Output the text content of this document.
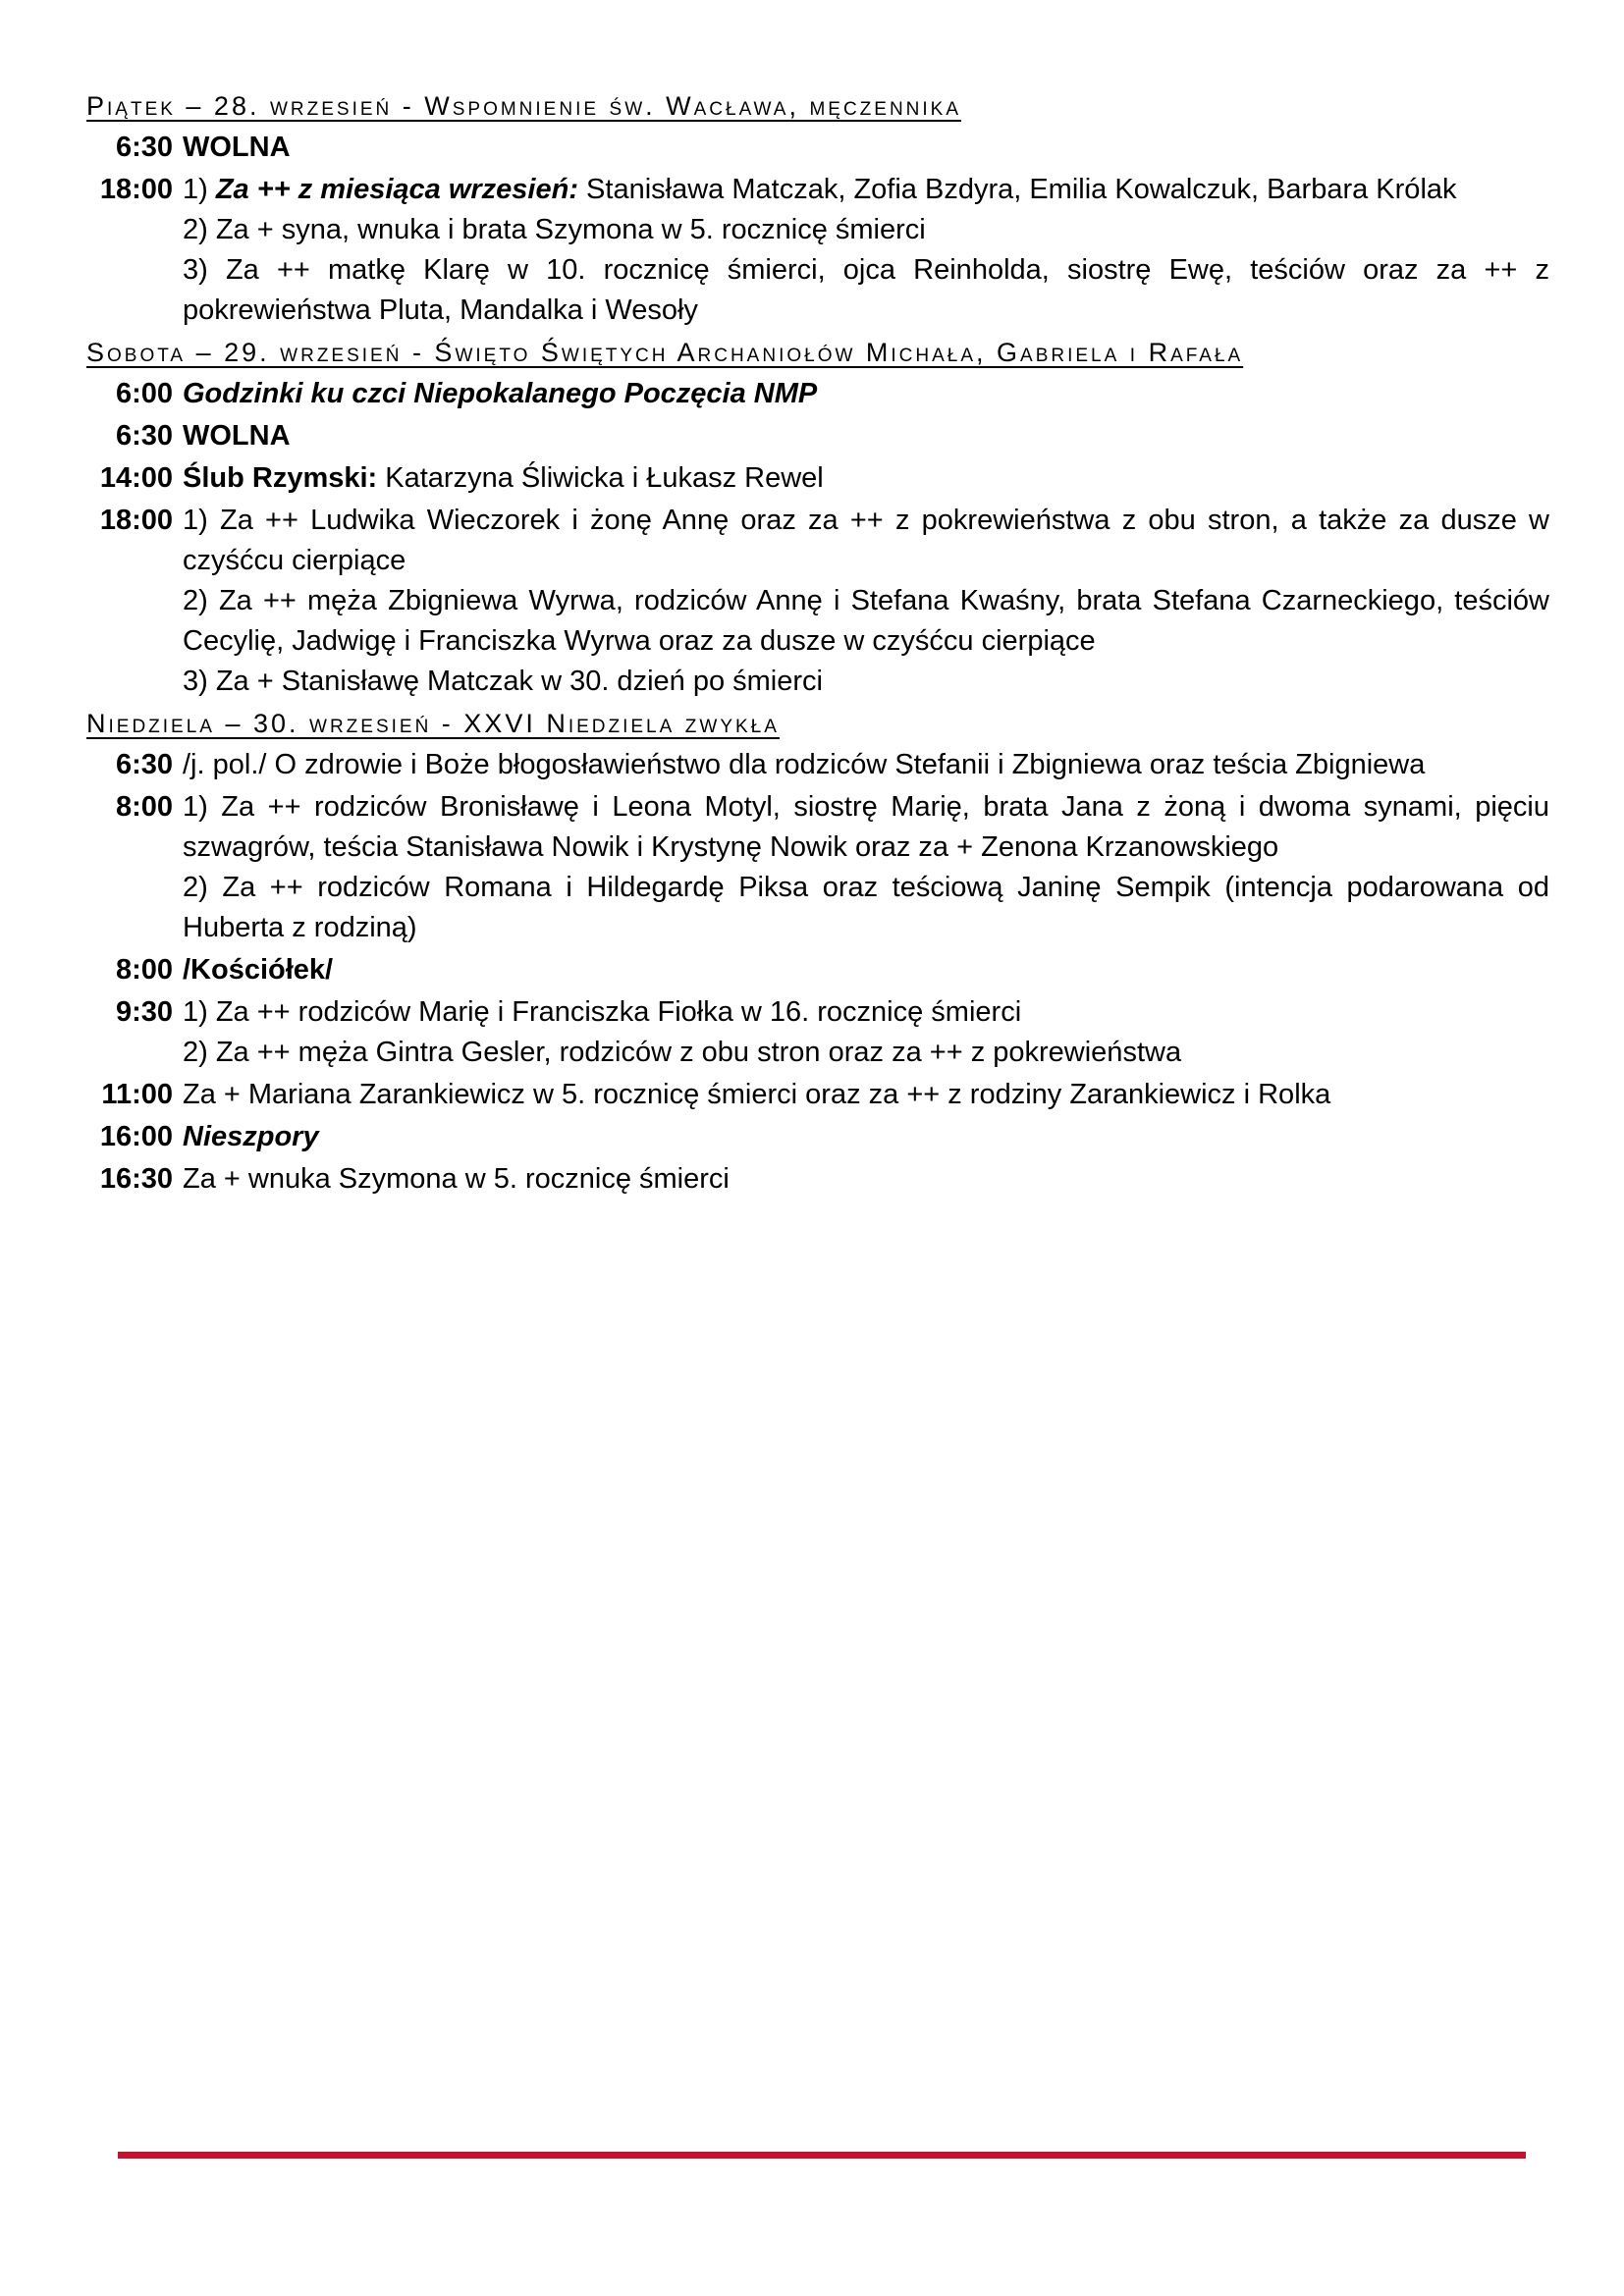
Piątek – 28. wrzesień - Wspomnienie św. Wacława, męczennika
6:30 WOLNA
18:00 1) Za ++ z miesiąca wrzesień: Stanisława Matczak, Zofia Bzdyra, Emilia Kowalczuk, Barbara Królak
2) Za + syna, wnuka i brata Szymona w 5. rocznicę śmierci
3) Za ++ matkę Klarę w 10. rocznicę śmierci, ojca Reinholda, siostrę Ewę, teściów oraz za ++ z pokrewieństwa Pluta, Mandalka i Wesoły
Sobota – 29. wrzesień - Święto Świętych Archaniołów Michała, Gabriela i Rafała
6:00 Godzinki ku czci Niepokalanego Poczęcia NMP
6:30 WOLNA
14:00 Ślub Rzymski: Katarzyna Śliwicka i Łukasz Rewel
18:00 1) Za ++ Ludwika Wieczorek i żonę Annę oraz za ++ z pokrewieństwa z obu stron, a także za dusze w czyśćcu cierpiące
2) Za ++ męża Zbigniewa Wyrwa, rodziców Annę i Stefana Kwaśny, brata Stefana Czarneckiego, teściów Cecylię, Jadwigę i Franciszka Wyrwa oraz za dusze w czyśćcu cierpiące
3) Za + Stanisławę Matczak w 30. dzień po śmierci
Niedziela – 30. wrzesień - XXVI Niedziela zwykła
6:30 /j. pol./ O zdrowie i Boże błogosławieństwo dla rodziców Stefanii i Zbigniewa oraz teścia Zbigniewa
8:00 1) Za ++ rodziców Bronisławę i Leona Motyl, siostrę Marię, brata Jana z żoną i dwoma synami, pięciu szwagrów, teścia Stanisława Nowik i Krystynę Nowik oraz za + Zenona Krzanowskiego
2) Za ++ rodziców Romana i Hildegardę Piksa oraz teściową Janinę Sempik (intencja podarowana od Huberta z rodziną)
8:00 /Kościółek/
9:30 1) Za ++ rodziców Marię i Franciszka Fiołka w 16. rocznicę śmierci
2) Za ++ męża Gintra Gesler, rodziców z obu stron oraz za ++ z pokrewieństwa
11:00 Za + Mariana Zarankiewicz w 5. rocznicę śmierci oraz za ++ z rodziny Zarankiewicz i Rolka
16:00 Nieszpory
16:30 Za + wnuka Szymona w 5. rocznicę śmierci
